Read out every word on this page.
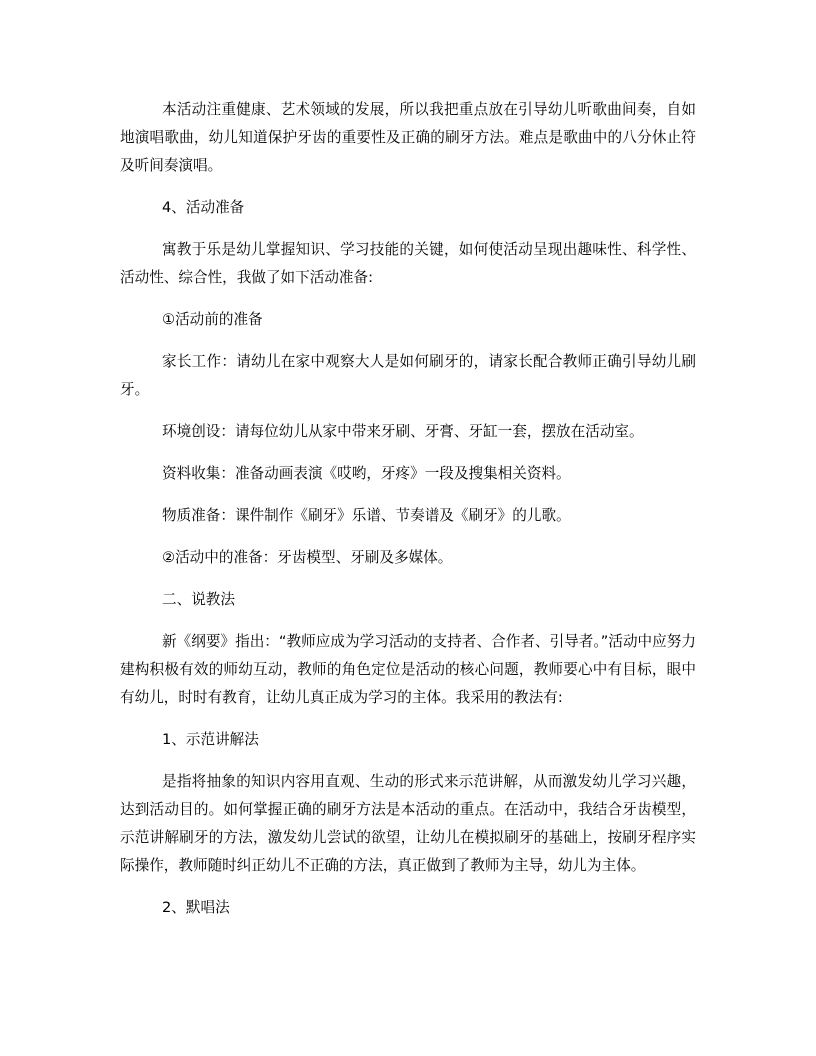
本活动注重健康、艺术领域的发展，所以我把重点放在引导幼儿听歌曲间奏，自如地演唱歌曲，幼儿知道保护牙齿的重要性及正确的刷牙方法。难点是歌曲中的八分休止符及听间奏演唱。

4、活动准备

寓教于乐是幼儿掌握知识、学习技能的关键，如何使活动呈现出趣味性、科学性、活动性、综合性，我做了如下活动准备:

①活动前的准备

家长工作：请幼儿在家中观察大人是如何刷牙的，请家长配合教师正确引导幼儿刷牙。

环境创设：请每位幼儿从家中带来牙刷、牙膏、牙缸一套，摆放在活动室。

资料收集：准备动画表演《哎哟，牙疼》一段及搜集相关资料。

物质准备：课件制作《刷牙》乐谱、节奏谱及《刷牙》的儿歌。

②活动中的准备：牙齿模型、牙刷及多媒体。

二、说教法

新《纲要》指出：“教师应成为学习活动的支持者、合作者、引导者。”活动中应努力建构积极有效的师幼互动，教师的角色定位是活动的核心问题，教师要心中有目标，眼中有幼儿，时时有教育，让幼儿真正成为学习的主体。我采用的教法有:

1、示范讲解法

是指将抽象的知识内容用直观、生动的形式来示范讲解，从而激发幼儿学习兴趣，达到活动目的。如何掌握正确的刷牙方法是本活动的重点。在活动中，我结合牙齿模型，示范讲解刷牙的方法，激发幼儿尝试的欲望，让幼儿在模拟刷牙的基础上，按刷牙程序实际操作，教师随时纠正幼儿不正确的方法，真正做到了教师为主导，幼儿为主体。

2、默唱法
